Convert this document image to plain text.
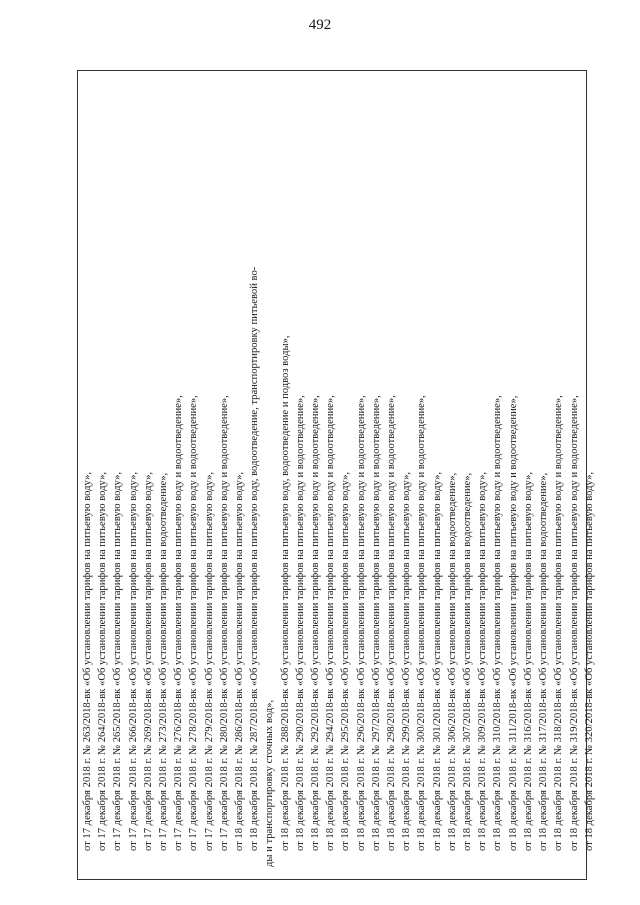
492
от 17 декабря 2018 г. № 263/2018-вк «Об установлении тарифов на питьевую воду», от 17 декабря 2018 г. № 264/2018-вк «Об установлении тарифов на питьевую воду», от 17 декабря 2018 г. № 265/2018-вк «Об установлении тарифов на питьевую воду», от 17 декабря 2018 г. № 266/2018-вк «Об установлении тарифов на питьевую воду», от 17 декабря 2018 г. № 269/2018-вк «Об установлении тарифов на питьевую воду», от 17 декабря 2018 г. № 273/2018-вк «Об установлении тарифов на водоотведение», от 17 декабря 2018 г. № 276/2018-вк «Об установлении тарифов на питьевую воду и водоотведение», от 17 декабря 2018 г. № 278/2018-вк «Об установлении тарифов на питьевую воду и водоотведение», от 17 декабря 2018 г. № 279/2018-вк «Об установлении тарифов на питьевую воду», от 17 декабря 2018 г. № 280/2018-вк «Об установлении тарифов на питьевую воду и водоотведение», от 18 декабря 2018 г. № 286/2018-вк «Об установлении тарифов на питьевую воду», от 18 декабря 2018 г. № 287/2018-вк «Об установлении тарифов на питьевую воду, водоотведение, транспортировку питьевой во- ды и транспортировку сточных вод», от 18 декабря 2018 г. № 288/2018-вк «Об установлении тарифов на питьевую воду, водоотведение и подвоз воды», от 18 декабря 2018 г. № 290/2018-вк «Об установлении тарифов на питьевую воду и водоотведение», от 18 декабря 2018 г. № 292/2018-вк «Об установлении тарифов на питьевую воду и водоотведение», от 18 декабря 2018 г. № 294/2018-вк «Об установлении тарифов на питьевую воду и водоотведение», от 18 декабря 2018 г. № 295/2018-вк «Об установлении тарифов на питьевую воду», от 18 декабря 2018 г. № 296/2018-вк «Об установлении тарифов на питьевую воду и водоотведение», от 18 декабря 2018 г. № 297/2018-вк «Об установлении тарифов на питьевую воду и водоотведение», от 18 декабря 2018 г. № 298/2018-вк «Об установлении тарифов на питьевую воду и водоотведение», от 18 декабря 2018 г. № 299/2018-вк «Об установлении тарифов на питьевую воду», от 18 декабря 2018 г. № 300/2018-вк «Об установлении тарифов на питьевую воду и водоотведение», от 18 декабря 2018 г. № 301/2018-вк «Об установлении тарифов на питьевую воду», от 18 декабря 2018 г. № 306/2018-вк «Об установлении тарифов на водоотведение», от 18 декабря 2018 г. № 307/2018-вк «Об установлении тарифов на водоотведение», от 18 декабря 2018 г. № 309/2018-вк «Об установлении тарифов на питьевую воду», от 18 декабря 2018 г. № 310/2018-вк «Об установлении тарифов на питьевую воду и водоотведение», от 18 декабря 2018 г. № 311/2018-вк «Об установлении тарифов на питьевую воду и водоотведение», от 18 декабря 2018 г. № 316/2018-вк «Об установлении тарифов на питьевую воду», от 18 декабря 2018 г. № 317/2018-вк «Об установлении тарифов на водоотведение», от 18 декабря 2018 г. № 318/2018-вк «Об установлении тарифов на питьевую воду и водоотведение», от 18 декабря 2018 г. № 319/2018-вк «Об установлении тарифов на питьевую воду и водоотведение», от 18 декабря 2018 г. № 320/2018-вк «Об установлении тарифов на питьевую воду»,
